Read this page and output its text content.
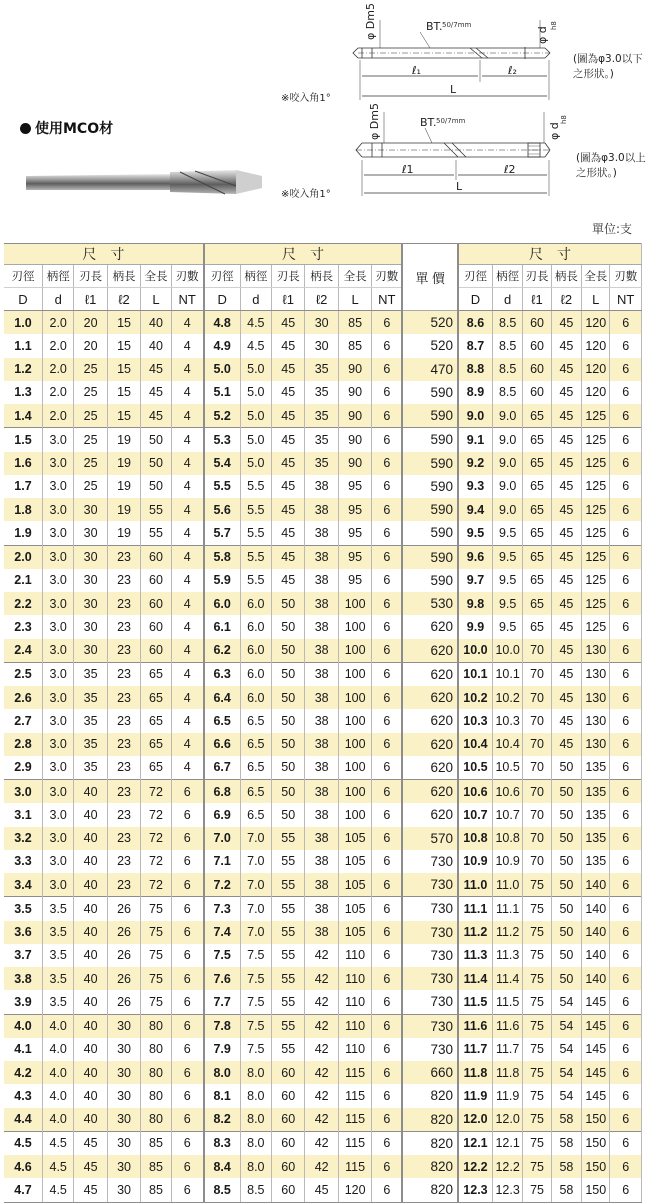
φ Dm5	BT. 50/7mm
φ d
h8
ℓ₁	ℓ₂
L
φ Dm5	BT. 50/7mm
φ d
h8
ℓ1	ℓ2
L
使用MCO材
(圖為φ3.0以下之形狀。)
(圖為φ3.0以上之形狀。)
※咬入角1°
※咬入角1°
單位:支
尺　寸						尺　寸						單 價	尺　寸					
刃徑	柄徑	刃長	柄長	全長	刃數	刃徑	柄徑	刃長	柄長	全長	刃數		刃徑	柄徑	刃長	柄長	全長	刃數
D	d	ℓ1	ℓ2	L	NT	D	d	ℓ1	ℓ2	L	NT		D	d	ℓ1	ℓ2	L	NT
1.0	2.0	20	15	40	4	4.8	4.5	45	30	85	6	520	8.6	8.5	60	45	120	6
1.1	2.0	20	15	40	4	4.9	4.5	45	30	85	6	520	8.7	8.5	60	45	120	6
1.2	2.0	25	15	45	4	5.0	5.0	45	35	90	6	470	8.8	8.5	60	45	120	6
1.3	2.0	25	15	45	4	5.1	5.0	45	35	90	6	590	8.9	8.5	60	45	120	6
1.4	2.0	25	15	45	4	5.2	5.0	45	35	90	6	590	9.0	9.0	65	45	125	6
1.5	3.0	25	19	50	4	5.3	5.0	45	35	90	6	590	9.1	9.0	65	45	125	6
1.6	3.0	25	19	50	4	5.4	5.0	45	35	90	6	590	9.2	9.0	65	45	125	6
1.7	3.0	25	19	50	4	5.5	5.5	45	38	95	6	590	9.3	9.0	65	45	125	6
1.8	3.0	30	19	55	4	5.6	5.5	45	38	95	6	590	9.4	9.0	65	45	125	6
1.9	3.0	30	19	55	4	5.7	5.5	45	38	95	6	590	9.5	9.5	65	45	125	6
2.0	3.0	30	23	60	4	5.8	5.5	45	38	95	6	590	9.6	9.5	65	45	125	6
2.1	3.0	30	23	60	4	5.9	5.5	45	38	95	6	590	9.7	9.5	65	45	125	6
2.2	3.0	30	23	60	4	6.0	6.0	50	38	100	6	530	9.8	9.5	65	45	125	6
2.3	3.0	30	23	60	4	6.1	6.0	50	38	100	6	620	9.9	9.5	65	45	125	6
2.4	3.0	30	23	60	4	6.2	6.0	50	38	100	6	620	10.0	10.0	70	45	130	6
2.5	3.0	35	23	65	4	6.3	6.0	50	38	100	6	620	10.1	10.1	70	45	130	6
2.6	3.0	35	23	65	4	6.4	6.0	50	38	100	6	620	10.2	10.2	70	45	130	6
2.7	3.0	35	23	65	4	6.5	6.5	50	38	100	6	620	10.3	10.3	70	45	130	6
2.8	3.0	35	23	65	4	6.6	6.5	50	38	100	6	620	10.4	10.4	70	45	130	6
2.9	3.0	35	23	65	4	6.7	6.5	50	38	100	6	620	10.5	10.5	70	50	135	6
3.0	3.0	40	23	72	6	6.8	6.5	50	38	100	6	620	10.6	10.6	70	50	135	6
3.1	3.0	40	23	72	6	6.9	6.5	50	38	100	6	620	10.7	10.7	70	50	135	6
3.2	3.0	40	23	72	6	7.0	7.0	55	38	105	6	570	10.8	10.8	70	50	135	6
3.3	3.0	40	23	72	6	7.1	7.0	55	38	105	6	730	10.9	10.9	70	50	135	6
3.4	3.0	40	23	72	6	7.2	7.0	55	38	105	6	730	11.0	11.0	75	50	140	6
3.5	3.5	40	26	75	6	7.3	7.0	55	38	105	6	730	11.1	11.1	75	50	140	6
3.6	3.5	40	26	75	6	7.4	7.0	55	38	105	6	730	11.2	11.2	75	50	140	6
3.7	3.5	40	26	75	6	7.5	7.5	55	42	110	6	730	11.3	11.3	75	50	140	6
3.8	3.5	40	26	75	6	7.6	7.5	55	42	110	6	730	11.4	11.4	75	50	140	6
3.9	3.5	40	26	75	6	7.7	7.5	55	42	110	6	730	11.5	11.5	75	54	145	6
4.0	4.0	40	30	80	6	7.8	7.5	55	42	110	6	730	11.6	11.6	75	54	145	6
4.1	4.0	40	30	80	6	7.9	7.5	55	42	110	6	730	11.7	11.7	75	54	145	6
4.2	4.0	40	30	80	6	8.0	8.0	60	42	115	6	660	11.8	11.8	75	54	145	6
4.3	4.0	40	30	80	6	8.1	8.0	60	42	115	6	820	11.9	11.9	75	54	145	6
4.4	4.0	40	30	80	6	8.2	8.0	60	42	115	6	820	12.0	12.0	75	58	150	6
4.5	4.5	45	30	85	6	8.3	8.0	60	42	115	6	820	12.1	12.1	75	58	150	6
4.6	4.5	45	30	85	6	8.4	8.0	60	42	115	6	820	12.2	12.2	75	58	150	6
4.7	4.5	45	30	85	6	8.5	8.5	60	45	120	6	820	12.3	12.3	75	58	150	6
